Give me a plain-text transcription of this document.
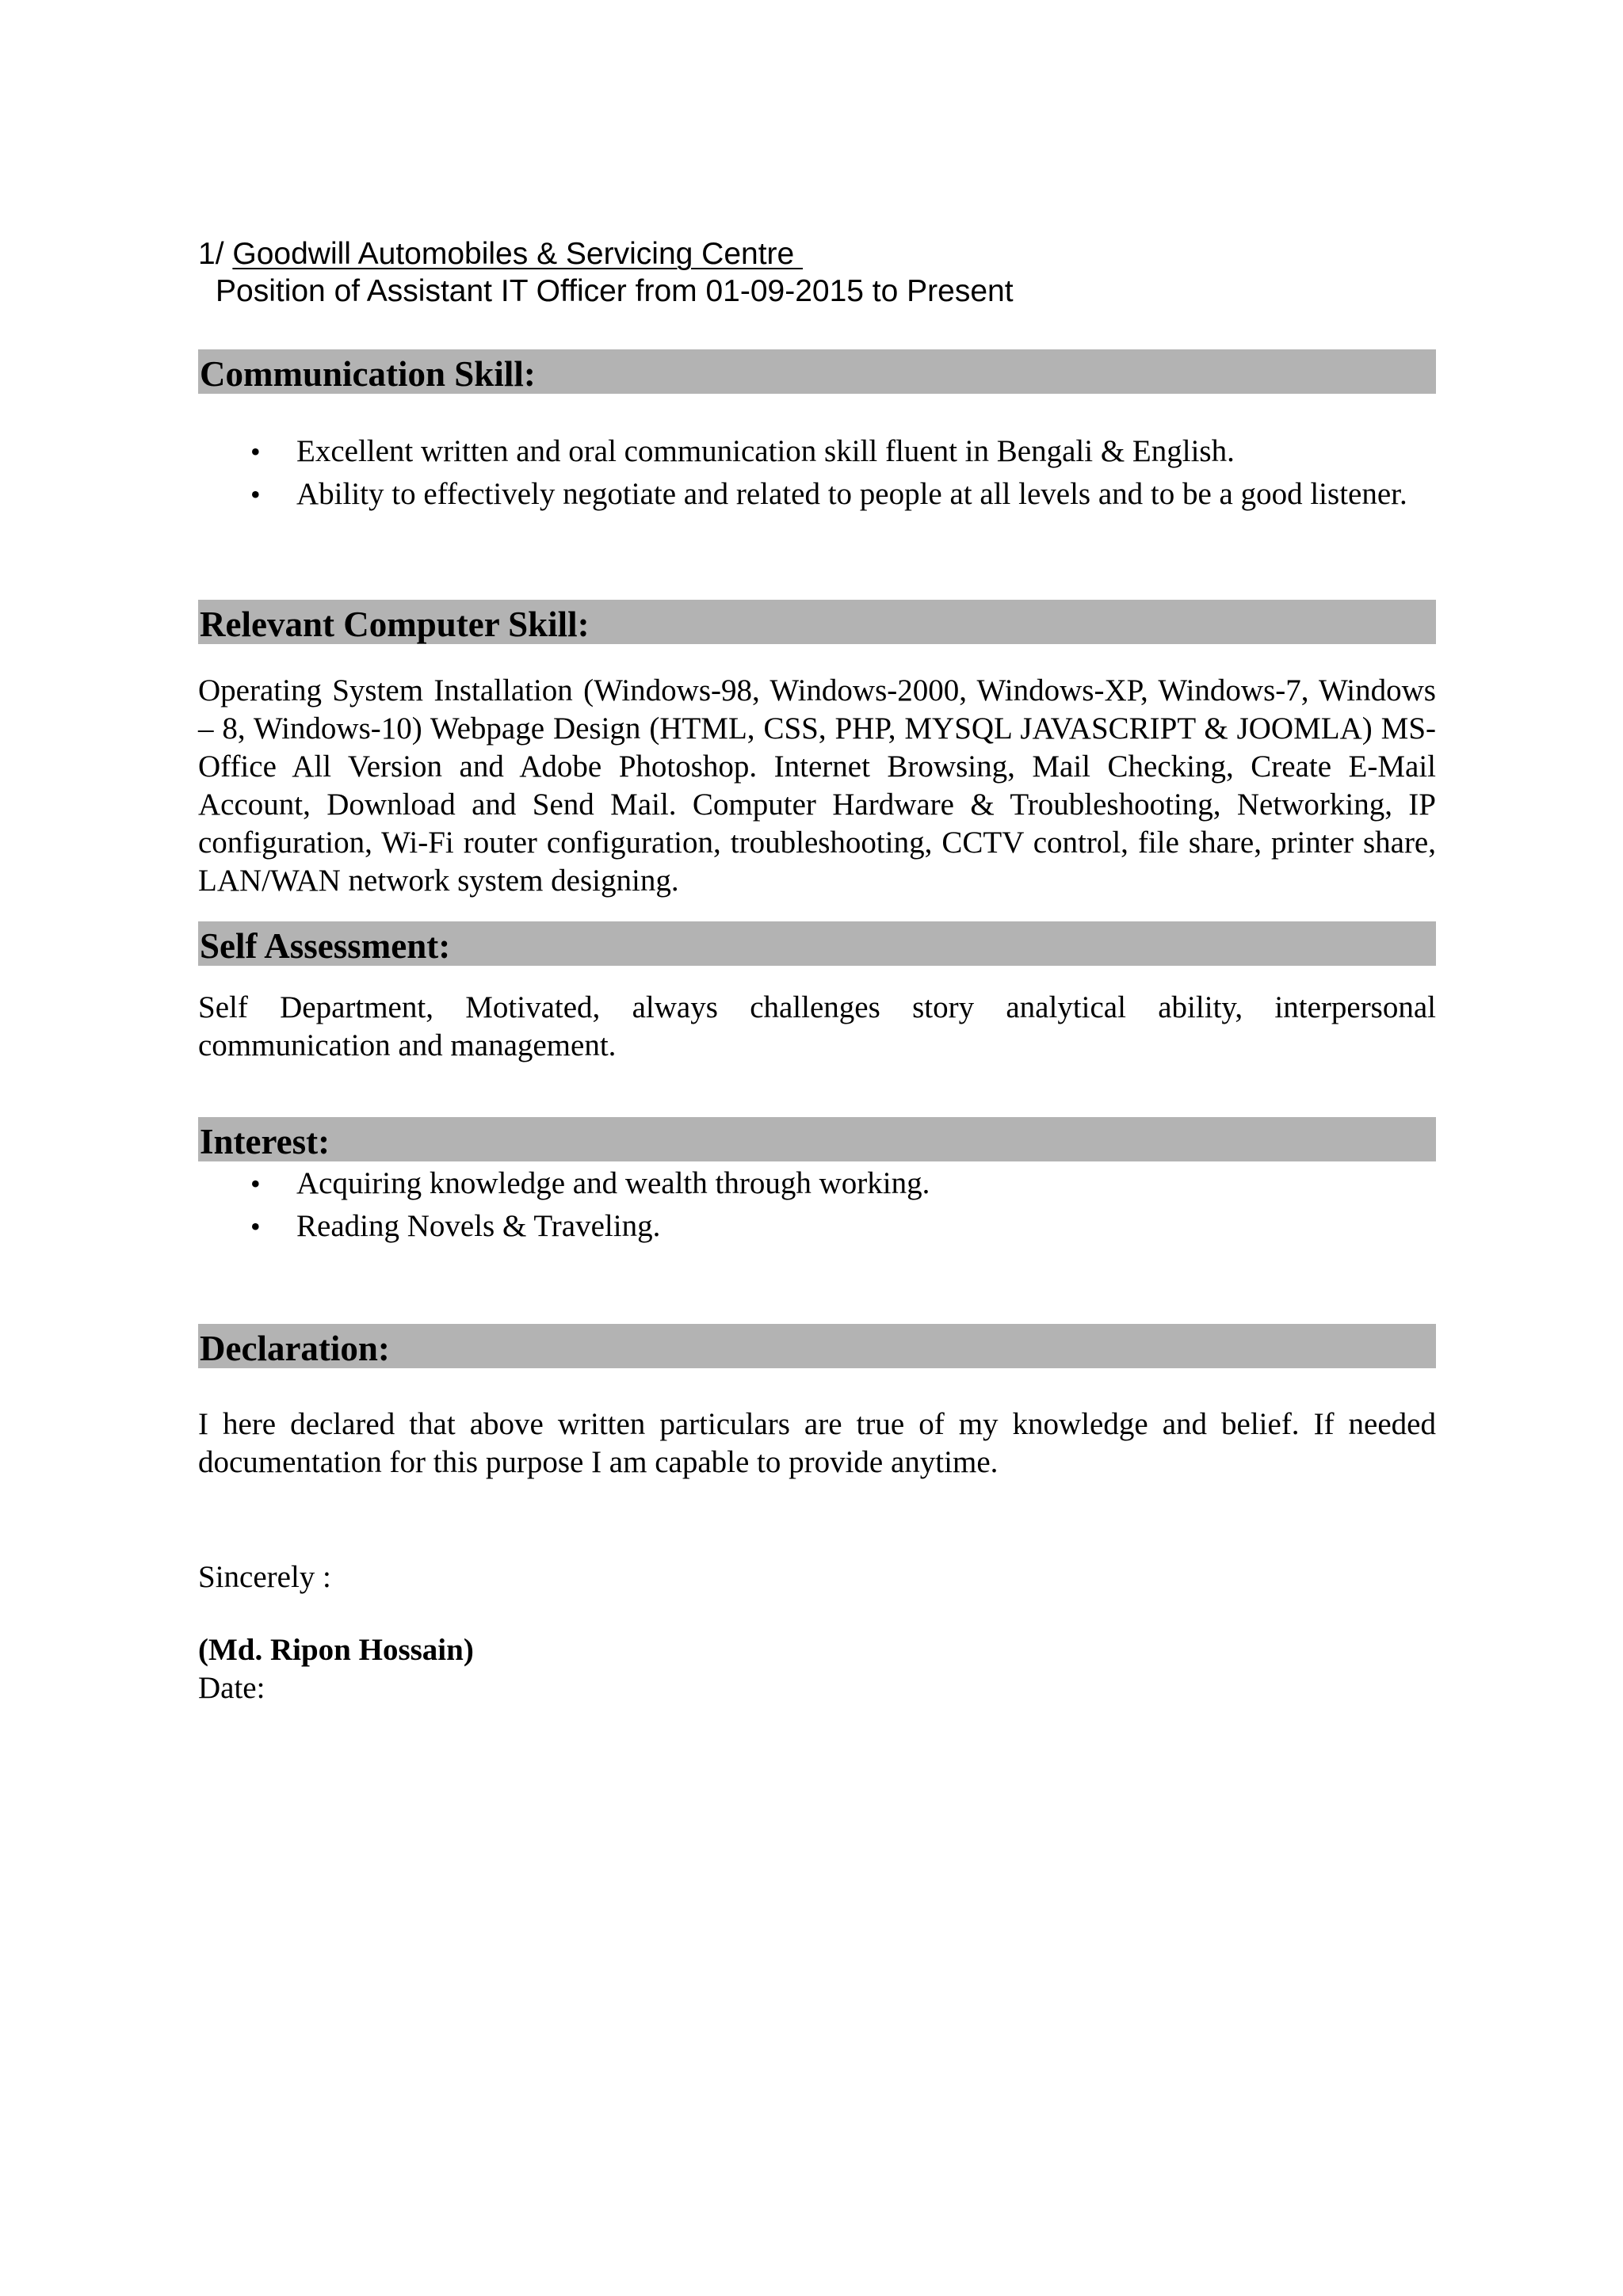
1/ Goodwill Automobiles & Servicing Centre
Position of Assistant IT Officer from 01-09-2015 to Present
Communication Skill:
• Excellent written and oral communication skill fluent in Bengali & English.
• Ability to effectively negotiate and related to people at all levels and to be a good listener.
Relevant Computer Skill:

Operating System Installation (Windows-98, Windows-2000, Windows-XP, Windows-7, Windows – 8, Windows-10) Webpage Design (HTML, CSS, PHP, MYSQL JAVASCRIPT & JOOMLA) MS-Office All Version and Adobe Photoshop. Internet Browsing, Mail Checking, Create E-Mail Account, Download and Send Mail. Computer Hardware & Troubleshooting, Networking, IP configuration, Wi-Fi router configuration, troubleshooting, CCTV control, file share, printer share, LAN/WAN network system designing.

Self Assessment:

Self Department, Motivated, always challenges story analytical ability, interpersonal communication and management.

Interest:
• Acquiring knowledge and wealth through working.
• Reading Novels & Traveling.
Declaration:

I here declared that above written particulars are true of my knowledge and belief. If needed documentation for this purpose I am capable to provide anytime.

Sincerely :
(Md. Ripon Hossain)
Date:
